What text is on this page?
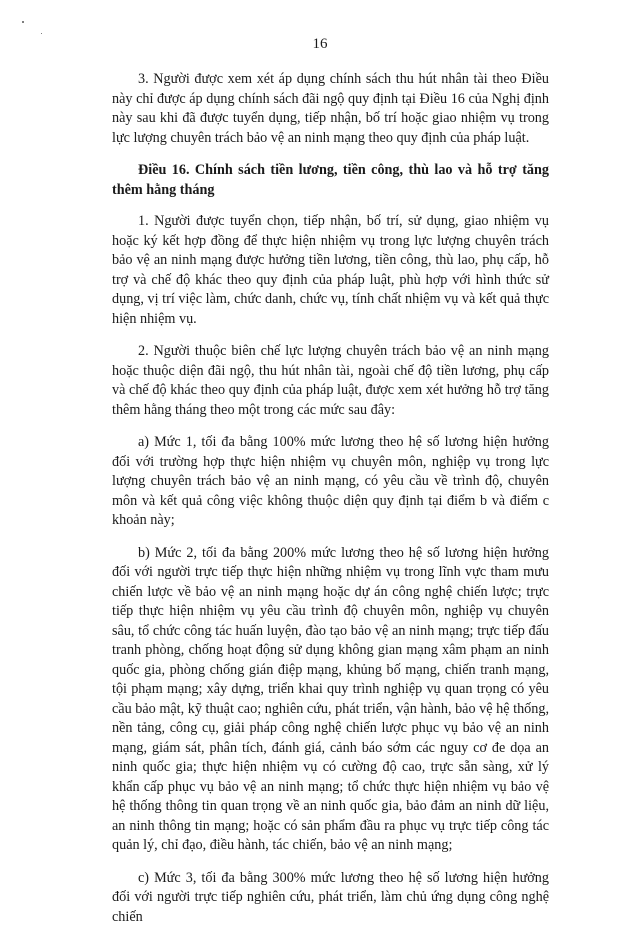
16

3. Người được xem xét áp dụng chính sách thu hút nhân tài theo Điều này chỉ được áp dụng chính sách đãi ngộ quy định tại Điều 16 của Nghị định này sau khi đã được tuyển dụng, tiếp nhận, bố trí hoặc giao nhiệm vụ trong lực lượng chuyên trách bảo vệ an ninh mạng theo quy định của pháp luật.

Điều 16. Chính sách tiền lương, tiền công, thù lao và hỗ trợ tăng thêm hằng tháng

1. Người được tuyển chọn, tiếp nhận, bố trí, sử dụng, giao nhiệm vụ hoặc ký kết hợp đồng để thực hiện nhiệm vụ trong lực lượng chuyên trách bảo vệ an ninh mạng được hưởng tiền lương, tiền công, thù lao, phụ cấp, hỗ trợ và chế độ khác theo quy định của pháp luật, phù hợp với hình thức sử dụng, vị trí việc làm, chức danh, chức vụ, tính chất nhiệm vụ và kết quả thực hiện nhiệm vụ.

2. Người thuộc biên chế lực lượng chuyên trách bảo vệ an ninh mạng hoặc thuộc diện đãi ngộ, thu hút nhân tài, ngoài chế độ tiền lương, phụ cấp và chế độ khác theo quy định của pháp luật, được xem xét hưởng hỗ trợ tăng thêm hằng tháng theo một trong các mức sau đây:

a) Mức 1, tối đa bằng 100% mức lương theo hệ số lương hiện hưởng đối với trường hợp thực hiện nhiệm vụ chuyên môn, nghiệp vụ trong lực lượng chuyên trách bảo vệ an ninh mạng, có yêu cầu về trình độ, chuyên môn và kết quả công việc không thuộc diện quy định tại điểm b và điểm c khoản này;

b) Mức 2, tối đa bằng 200% mức lương theo hệ số lương hiện hưởng đối với người trực tiếp thực hiện những nhiệm vụ trong lĩnh vực tham mưu chiến lược về bảo vệ an ninh mạng hoặc dự án công nghệ chiến lược; trực tiếp thực hiện nhiệm vụ yêu cầu trình độ chuyên môn, nghiệp vụ chuyên sâu, tổ chức công tác huấn luyện, đào tạo bảo vệ an ninh mạng; trực tiếp đấu tranh phòng, chống hoạt động sử dụng không gian mạng xâm phạm an ninh quốc gia, phòng chống gián điệp mạng, khủng bố mạng, chiến tranh mạng, tội phạm mạng; xây dựng, triển khai quy trình nghiệp vụ quan trọng có yêu cầu bảo mật, kỹ thuật cao; nghiên cứu, phát triển, vận hành, bảo vệ hệ thống, nền tảng, công cụ, giải pháp công nghệ chiến lược phục vụ bảo vệ an ninh mạng, giám sát, phân tích, đánh giá, cảnh báo sớm các nguy cơ đe dọa an ninh quốc gia; thực hiện nhiệm vụ có cường độ cao, trực sẵn sàng, xử lý khẩn cấp phục vụ bảo vệ an ninh mạng; tổ chức thực hiện nhiệm vụ bảo vệ hệ thống thông tin quan trọng về an ninh quốc gia, bảo đảm an ninh dữ liệu, an ninh thông tin mạng; hoặc có sản phẩm đầu ra phục vụ trực tiếp công tác quản lý, chỉ đạo, điều hành, tác chiến, bảo vệ an ninh mạng;

c) Mức 3, tối đa bằng 300% mức lương theo hệ số lương hiện hưởng đối với người trực tiếp nghiên cứu, phát triển, làm chủ ứng dụng công nghệ chiến
